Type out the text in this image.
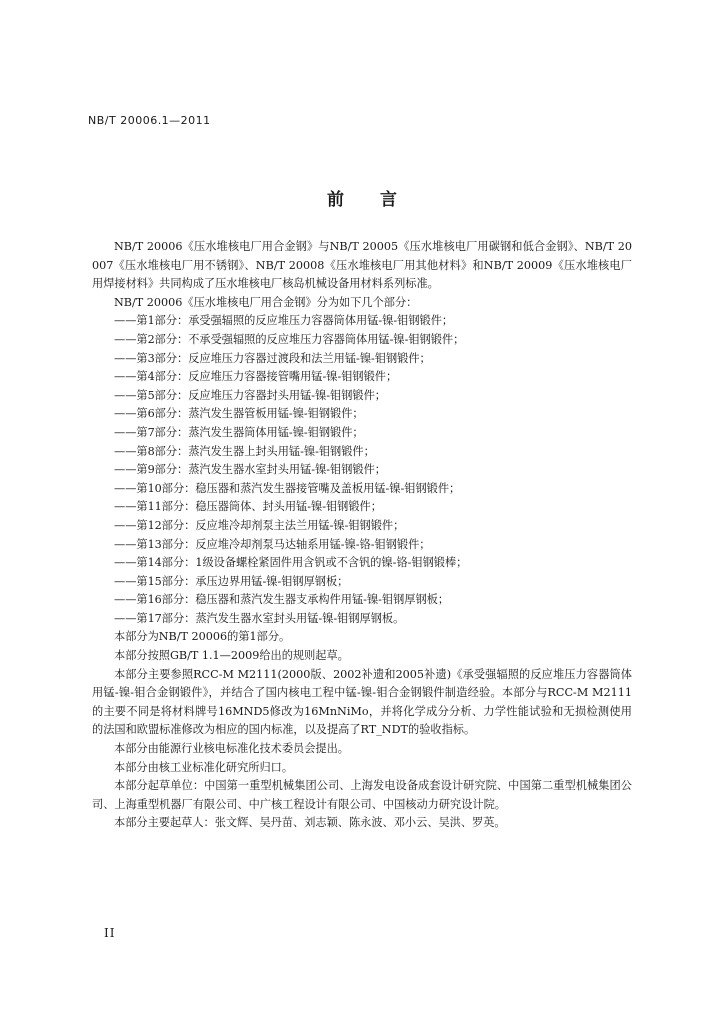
NB/T 20006.1—2011
前言

NB/T 20006《压水堆核电厂用合金钢》与NB/T 20005《压水堆核电厂用碳钢和低合金钢》、NB/T 20007《压水堆核电厂用不锈钢》、NB/T 20008《压水堆核电厂用其他材料》和NB/T 20009《压水堆核电厂用焊接材料》共同构成了压水堆核电厂核岛机械设备用材料系列标准。

NB/T 20006《压水堆核电厂用合金钢》分为如下几个部分：

——第1部分：承受强辐照的反应堆压力容器筒体用锰-镍-钼钢锻件；
——第2部分：不承受强辐照的反应堆压力容器筒体用锰-镍-钼钢锻件；
——第3部分：反应堆压力容器过渡段和法兰用锰-镍-钼钢锻件；
——第4部分：反应堆压力容器接管嘴用锰-镍-钼钢锻件；
——第5部分：反应堆压力容器封头用锰-镍-钼钢锻件；
——第6部分：蒸汽发生器管板用锰-镍-钼钢锻件；
——第7部分：蒸汽发生器筒体用锰-镍-钼钢锻件；
——第8部分：蒸汽发生器上封头用锰-镍-钼钢锻件；
——第9部分：蒸汽发生器水室封头用锰-镍-钼钢锻件；
——第10部分：稳压器和蒸汽发生器接管嘴及盖板用锰-镍-钼钢锻件；
——第11部分：稳压器筒体、封头用锰-镍-钼钢锻件；
——第12部分：反应堆冷却剂泵主法兰用锰-镍-钼钢锻件；
——第13部分：反应堆冷却剂泵马达轴系用锰-镍-铬-钼钢锻件；
——第14部分：1级设备螺栓紧固件用含钒或不含钒的镍-铬-钼钢锻棒；
——第15部分：承压边界用锰-镍-钼钢厚钢板；
——第16部分：稳压器和蒸汽发生器支承构件用锰-镍-钼钢厚钢板；
——第17部分：蒸汽发生器水室封头用锰-镍-钼钢厚钢板。

本部分为NB/T 20006的第1部分。

本部分按照GB/T 1.1—2009给出的规则起草。

本部分主要参照RCC-M M2111(2000版、2002补遗和2005补遗)《承受强辐照的反应堆压力容器筒体用锰-镍-钼合金钢锻件》，并结合了国内核电工程中锰-镍-钼合金钢锻件制造经验。本部分与RCC-M M2111的主要不同是将材料牌号16MND5修改为16MnNiMo，并将化学成分分析、力学性能试验和无损检测使用的法国和欧盟标准修改为相应的国内标准，以及提高了RT_NDT的验收指标。

本部分由能源行业核电标准化技术委员会提出。

本部分由核工业标准化研究所归口。

本部分起草单位：中国第一重型机械集团公司、上海发电设备成套设计研究院、中国第二重型机械集团公司、上海重型机器厂有限公司、中广核工程设计有限公司、中国核动力研究设计院。

本部分主要起草人：张文辉、吴丹苗、刘志颖、陈永波、邓小云、吴洪、罗英。

II
